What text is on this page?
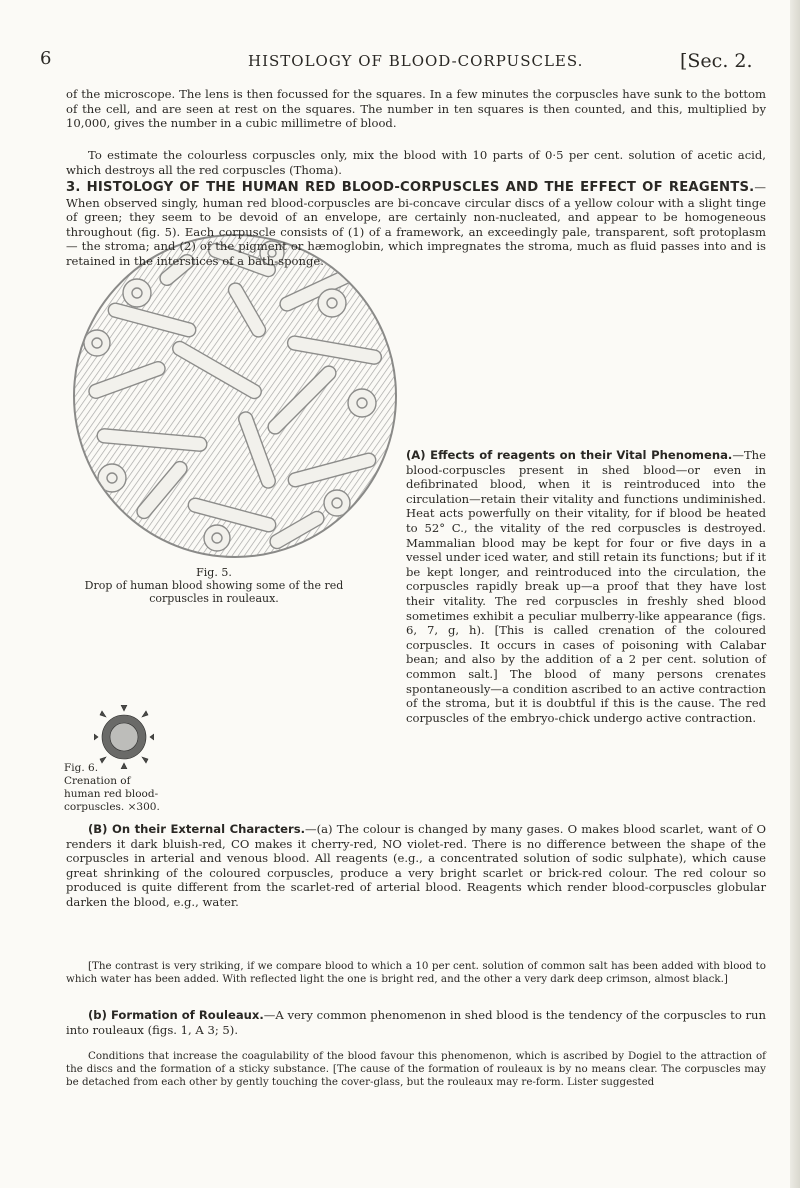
6	HISTOLOGY OF BLOOD-CORPUSCLES.	[Sec. 2.

of the microscope. The lens is then focussed for the squares. In a few minutes the corpuscles have sunk to the bottom of the cell, and are seen at rest on the squares. The number in ten squares is then counted, and this, multiplied by 10,000, gives the number in a cubic millimetre of blood.

To estimate the colourless corpuscles only, mix the blood with 10 parts of 0·5 per cent. solution of acetic acid, which destroys all the red corpuscles (Thoma).

Fig. 5.
Drop of human blood showing some of the red corpuscles in rouleaux.

3. HISTOLOGY OF THE HUMAN RED BLOOD-CORPUSCLES AND THE EFFECT OF REAGENTS.—When observed singly, human red blood-corpuscles are bi-concave circular discs of a yellow colour with a slight tinge of green; they seem to be devoid of an envelope, are certainly non-nucleated, and appear to be homogeneous throughout (fig. 5). Each corpuscle consists of (1) of a framework, an exceedingly pale, transparent, soft protoplasm — the stroma; and (2) of the pigment or hæmoglobin, which impregnates the stroma, much as fluid passes into and is retained in the interstices of a bath-sponge.

(A) Effects of reagents on their Vital Phenomena.—The blood-corpuscles present in shed blood—or even in defibrinated blood, when it is reintroduced into the circulation—retain their vitality and functions undiminished. Heat acts powerfully on their vitality, for if blood be heated to 52° C., the vitality of the red corpuscles is destroyed. Mammalian blood may be kept for four or five days in a vessel under iced water, and still retain its functions; but if it be kept longer, and reintroduced into the circulation, the corpuscles rapidly break up—a proof that they have lost their vitality. The red corpuscles in freshly shed blood sometimes exhibit a peculiar mulberry-like appearance (figs. 6, 7, g, h). [This is called crenation of the coloured corpuscles. It occurs in cases of poisoning with Calabar bean; and also by the addition of a 2 per cent. solution of common salt.] The blood of many persons crenates spontaneously—a condition ascribed to an active contraction of the stroma, but it is doubtful if this is the cause. The red corpuscles of the embryo-chick undergo active contraction.

Fig. 6.
Crenation of human red blood-corpuscles. ×300.

(B) On their External Characters.—(a) The colour is changed by many gases. O makes blood scarlet, want of O renders it dark bluish-red, CO makes it cherry-red, NO violet-red. There is no difference between the shape of the corpuscles in arterial and venous blood. All reagents (e.g., a concentrated solution of sodic sulphate), which cause great shrinking of the coloured corpuscles, produce a very bright scarlet or brick-red colour. The red colour so produced is quite different from the scarlet-red of arterial blood. Reagents which render blood-corpuscles globular darken the blood, e.g., water.

[The contrast is very striking, if we compare blood to which a 10 per cent. solution of common salt has been added with blood to which water has been added. With reflected light the one is bright red, and the other a very dark deep crimson, almost black.]

(b) Formation of Rouleaux.—A very common phenomenon in shed blood is the tendency of the corpuscles to run into rouleaux (figs. 1, A 3; 5).

Conditions that increase the coagulability of the blood favour this phenomenon, which is ascribed by Dogiel to the attraction of the discs and the formation of a sticky substance. [The cause of the formation of rouleaux is by no means clear. The corpuscles may be detached from each other by gently touching the cover-glass, but the rouleaux may re-form. Lister suggested
